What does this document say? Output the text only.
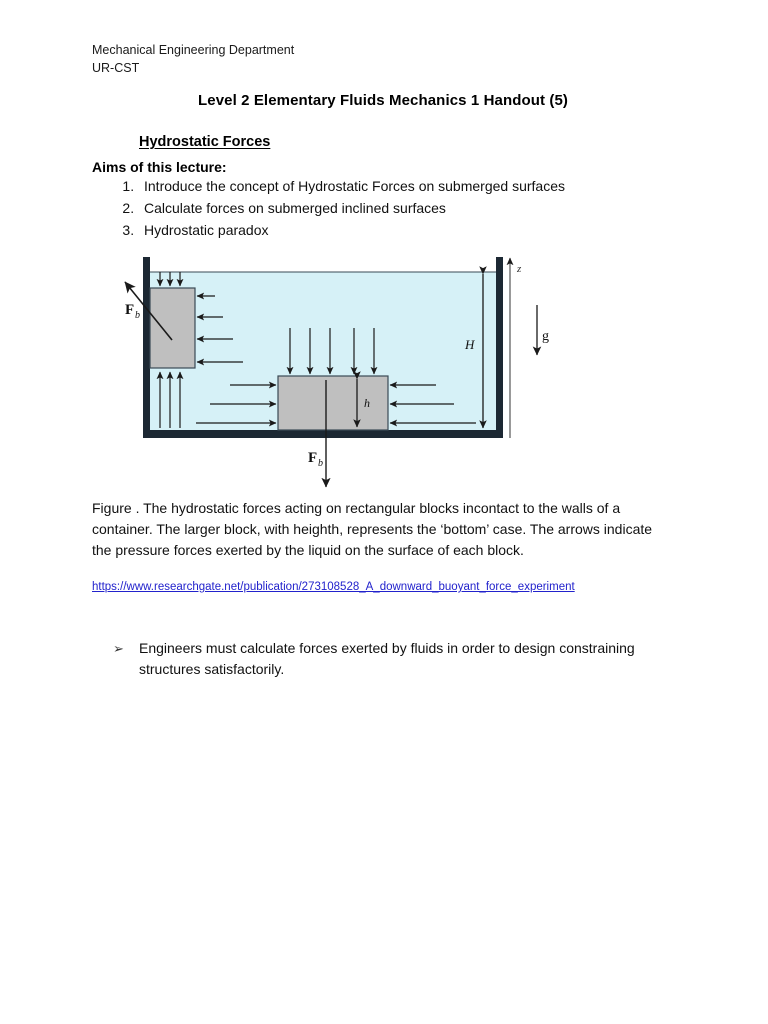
Mechanical Engineering Department
UR-CST
Level 2 Elementary Fluids Mechanics 1 Handout (5)
Hydrostatic Forces
Aims of this lecture:
1. Introduce the concept of Hydrostatic Forces on submerged surfaces
2. Calculate forces on submerged inclined surfaces
3. Hydrostatic paradox
F b
h
F b
H
z
g
Figure . The hydrostatic forces acting on rectangular blocks incontact to the walls of a container. The larger block, with heighth, represents the ‘bottom’ case. The arrows indicate the pressure forces exerted by the liquid on the surface of each block.
https://www.researchgate.net/publication/273108528_A_downward_buoyant_force_experiment
➢	Engineers must calculate forces exerted by fluids in order to design constraining structures satisfactorily.
